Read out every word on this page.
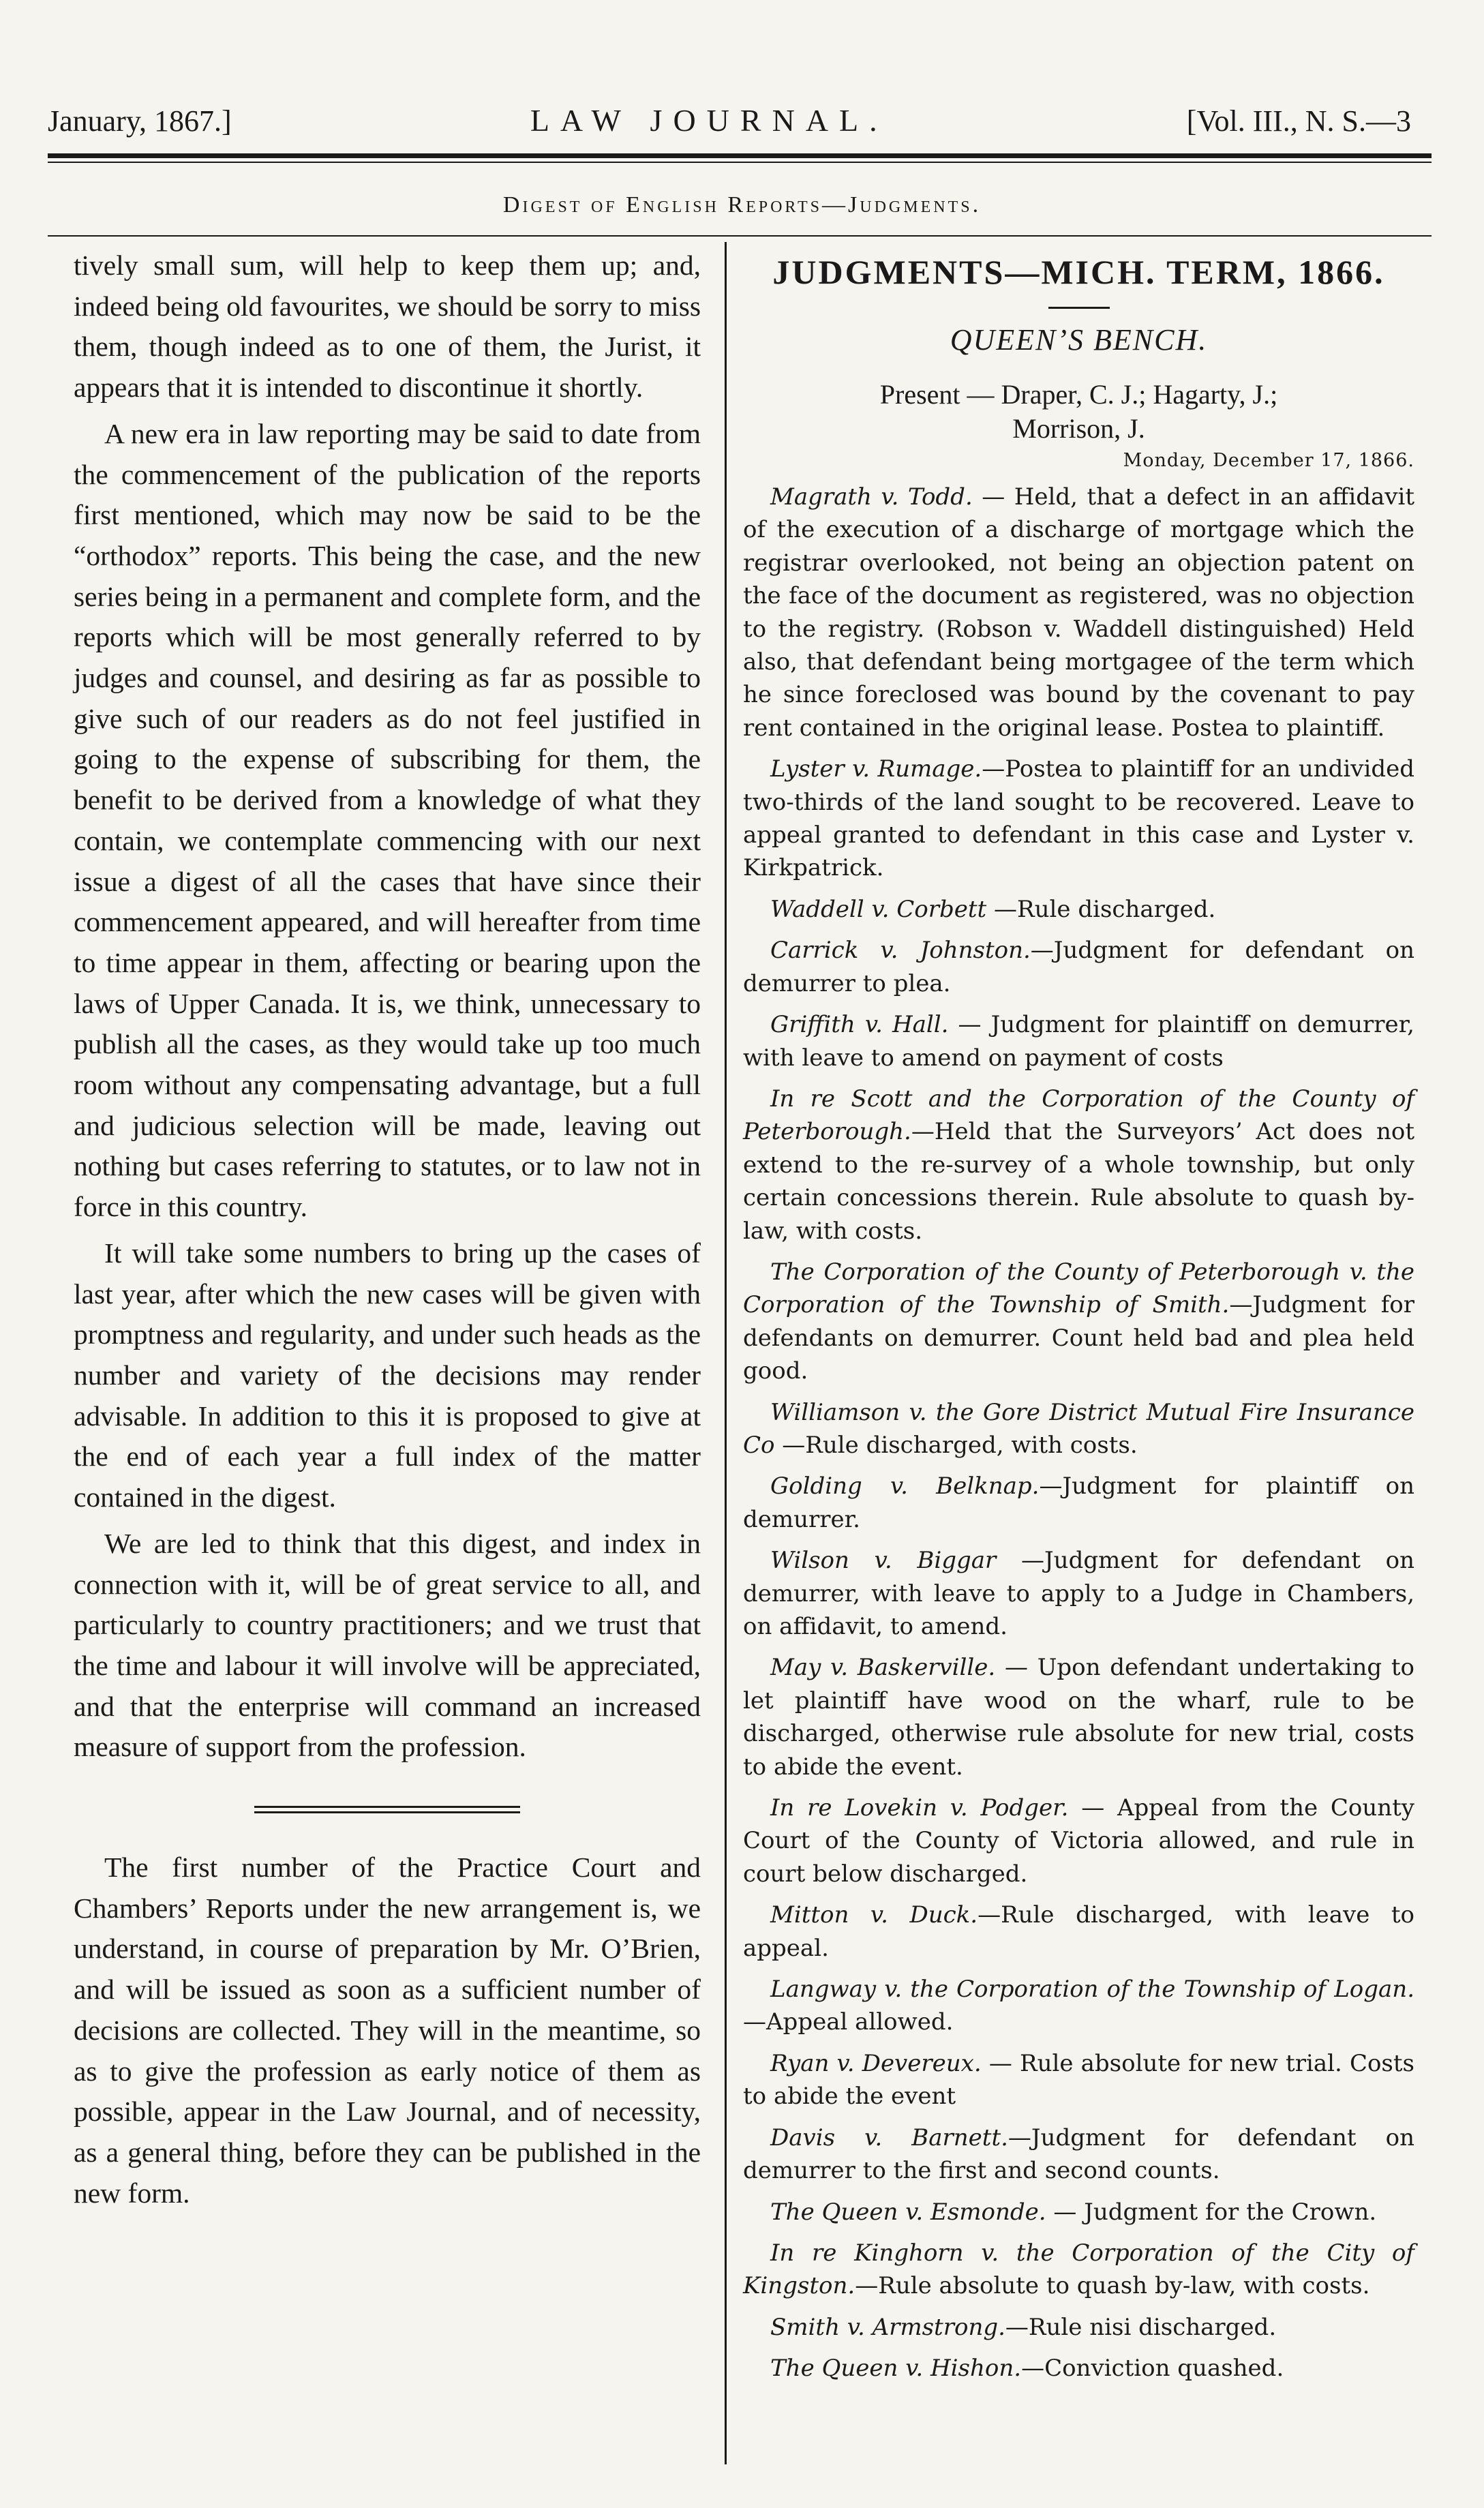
January, 1867.]	LAW JOURNAL.	[Vol. III., N. S.—3
Digest of English Reports—Judgments.

tively small sum, will help to keep them up; and, indeed being old favourites, we should be sorry to miss them, though indeed as to one of them, the Jurist, it appears that it is intended to discontinue it shortly.

A new era in law reporting may be said to date from the commencement of the publication of the reports first mentioned, which may now be said to be the “orthodox” reports. This being the case, and the new series being in a permanent and complete form, and the reports which will be most generally referred to by judges and counsel, and desiring as far as possible to give such of our readers as do not feel justified in going to the expense of subscribing for them, the benefit to be derived from a knowledge of what they contain, we contemplate commencing with our next issue a digest of all the cases that have since their commencement appeared, and will hereafter from time to time appear in them, affecting or bearing upon the laws of Upper Canada. It is, we think, unnecessary to publish all the cases, as they would take up too much room without any compensating advantage, but a full and judicious selection will be made, leaving out nothing but cases referring to statutes, or to law not in force in this country.

It will take some numbers to bring up the cases of last year, after which the new cases will be given with promptness and regularity, and under such heads as the number and variety of the decisions may render advisable. In addition to this it is proposed to give at the end of each year a full index of the matter contained in the digest.

We are led to think that this digest, and index in connection with it, will be of great service to all, and particularly to country practitioners; and we trust that the time and labour it will involve will be appreciated, and that the enterprise will command an increased measure of support from the profession.

The first number of the Practice Court and Chambers’ Reports under the new arrangement is, we understand, in course of preparation by Mr. O’Brien, and will be issued as soon as a sufficient number of decisions are collected. They will in the meantime, so as to give the profession as early notice of them as possible, appear in the Law Journal, and of necessity, as a general thing, before they can be published in the new form.

JUDGMENTS—MICH. TERM, 1866.
QUEEN’S BENCH.

Present — Draper, C. J.; Hagarty, J.;

Morrison, J.

Monday, December 17, 1866.

Magrath v. Todd. — Held, that a defect in an affidavit of the execution of a discharge of mortgage which the registrar overlooked, not being an objection patent on the face of the document as registered, was no objection to the registry. (Robson v. Waddell distinguished) Held also, that defendant being mortgagee of the term which he since foreclosed was bound by the covenant to pay rent contained in the original lease. Postea to plaintiff.

Lyster v. Rumage.—Postea to plaintiff for an undivided two-thirds of the land sought to be recovered. Leave to appeal granted to defendant in this case and Lyster v. Kirkpatrick.

Waddell v. Corbett —Rule discharged.

Carrick v. Johnston.—Judgment for defendant on demurrer to plea.

Griffith v. Hall. — Judgment for plaintiff on demurrer, with leave to amend on payment of costs

In re Scott and the Corporation of the County of Peterborough.—Held that the Surveyors’ Act does not extend to the re-survey of a whole township, but only certain concessions therein. Rule absolute to quash by-law, with costs.

The Corporation of the County of Peterborough v. the Corporation of the Township of Smith.—Judgment for defendants on demurrer. Count held bad and plea held good.

Williamson v. the Gore District Mutual Fire Insurance Co —Rule discharged, with costs.

Golding v. Belknap.—Judgment for plaintiff on demurrer.

Wilson v. Biggar —Judgment for defendant on demurrer, with leave to apply to a Judge in Chambers, on affidavit, to amend.

May v. Baskerville. — Upon defendant undertaking to let plaintiff have wood on the wharf, rule to be discharged, otherwise rule absolute for new trial, costs to abide the event.

In re Lovekin v. Podger. — Appeal from the County Court of the County of Victoria allowed, and rule in court below discharged.

Mitton v. Duck.—Rule discharged, with leave to appeal.

Langway v. the Corporation of the Township of Logan.—Appeal allowed.

Ryan v. Devereux. — Rule absolute for new trial. Costs to abide the event

Davis v. Barnett.—Judgment for defendant on demurrer to the first and second counts.

The Queen v. Esmonde. — Judgment for the Crown.

In re Kinghorn v. the Corporation of the City of Kingston.—Rule absolute to quash by-law, with costs.

Smith v. Armstrong.—Rule nisi discharged.

The Queen v. Hishon.—Conviction quashed.
